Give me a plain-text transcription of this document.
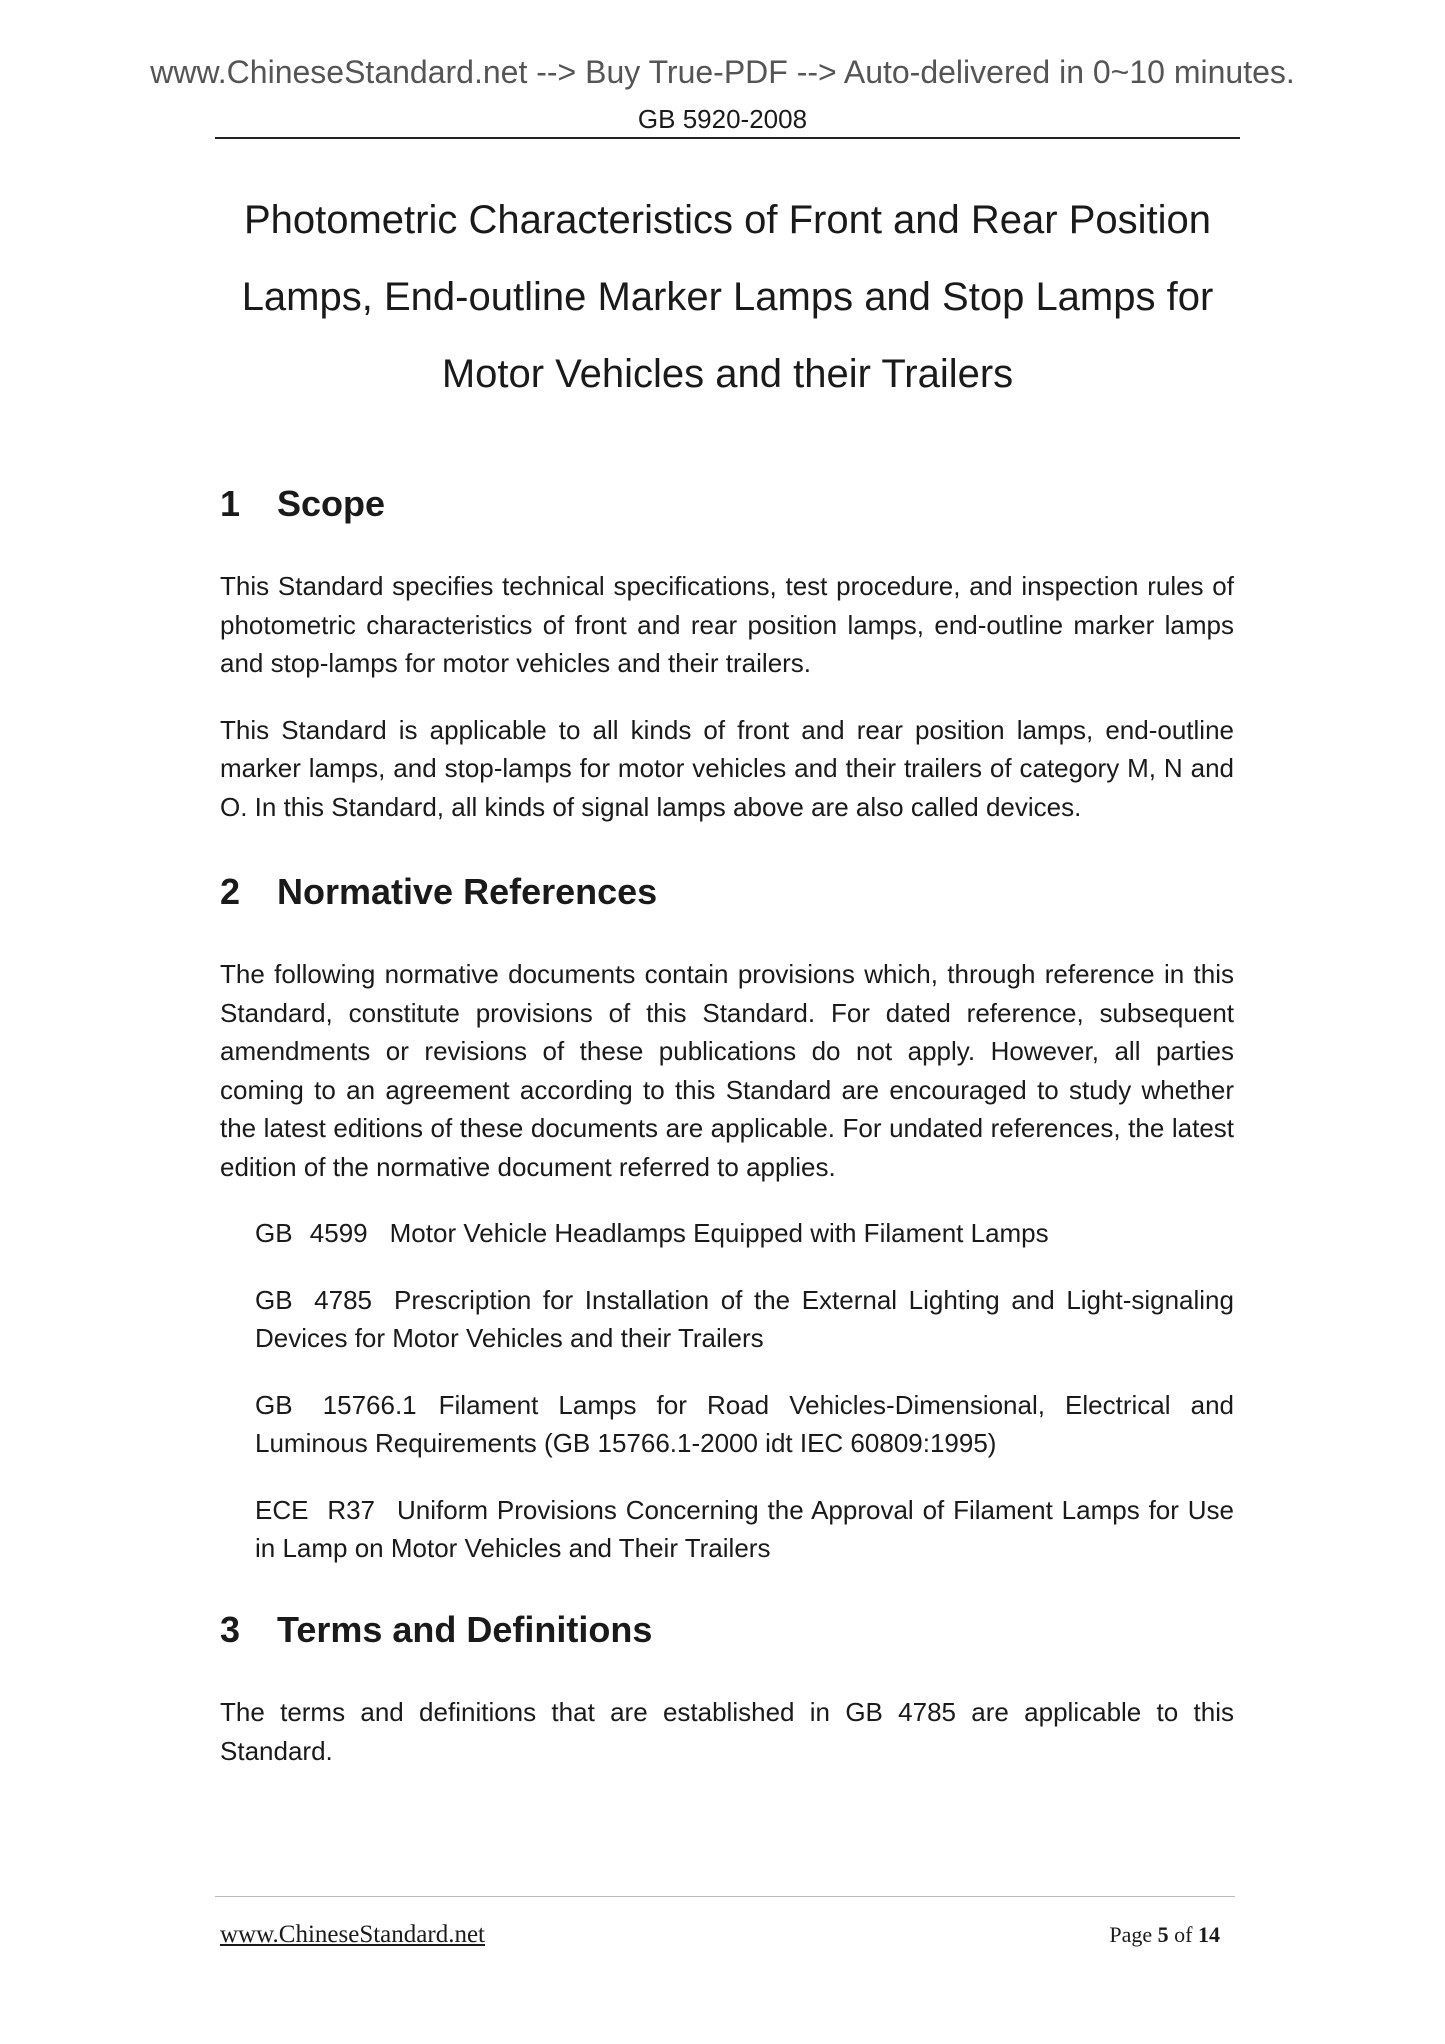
www.ChineseStandard.net --> Buy True-PDF --> Auto-delivered in 0~10 minutes.
GB 5920-2008
Photometric Characteristics of Front and Rear Position
Lamps, End-outline Marker Lamps and Stop Lamps for
Motor Vehicles and their Trailers
1 Scope

This Standard specifies technical specifications, test procedure, and inspection rules of photometric characteristics of front and rear position lamps, end-outline marker lamps and stop-lamps for motor vehicles and their trailers.

This Standard is applicable to all kinds of front and rear position lamps, end-outline marker lamps, and stop-lamps for motor vehicles and their trailers of category M, N and O. In this Standard, all kinds of signal lamps above are also called devices.

2 Normative References

The following normative documents contain provisions which, through reference in this Standard, constitute provisions of this Standard. For dated reference, subsequent amendments or revisions of these publications do not apply. However, all parties coming to an agreement according to this Standard are encouraged to study whether the latest editions of these documents are applicable. For undated references, the latest edition of the normative document referred to applies.

GB 4599 Motor Vehicle Headlamps Equipped with Filament Lamps

GB 4785 Prescription for Installation of the External Lighting and Light-signaling Devices for Motor Vehicles and their Trailers

GB 15766.1 Filament Lamps for Road Vehicles-Dimensional, Electrical and Luminous Requirements (GB 15766.1-2000 idt IEC 60809:1995)

ECE R37 Uniform Provisions Concerning the Approval of Filament Lamps for Use in Lamp on Motor Vehicles and Their Trailers

3 Terms and Definitions

The terms and definitions that are established in GB 4785 are applicable to this Standard.

www.ChineseStandard.net	Page 5 of 14
